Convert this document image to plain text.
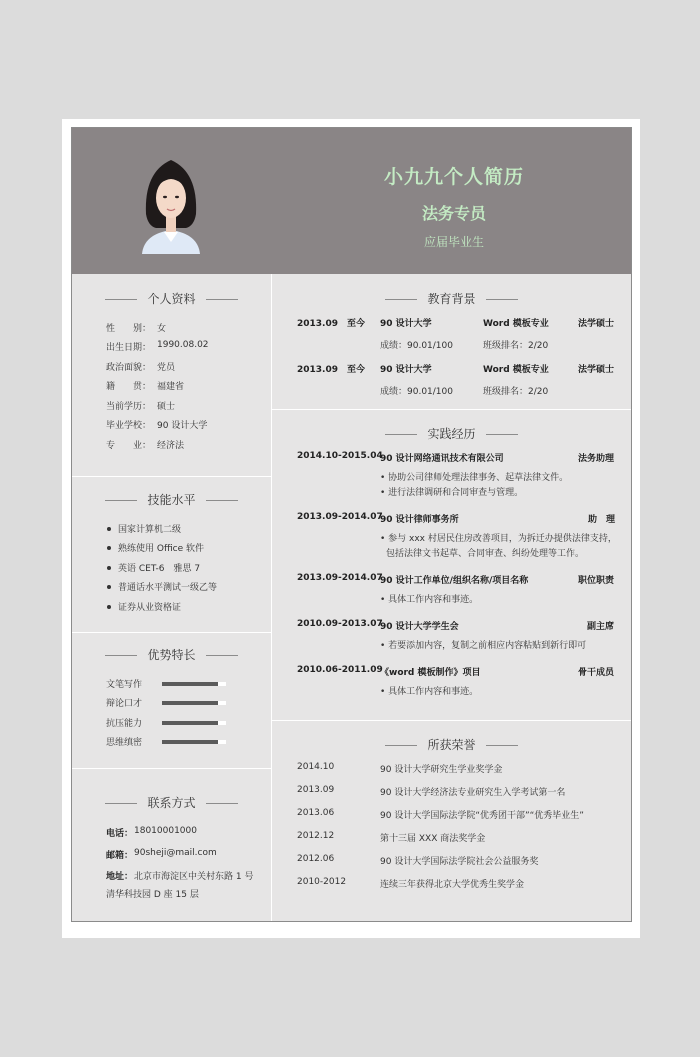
小九九个人简历
法务专员
应届毕业生
个人资料
性　　别： 女
出生日期： 1990.08.02
政治面貌： 党员
籍　　贯： 福建省
当前学历： 硕士
毕业学校： 90 设计大学
专　　业： 经济法
技能水平
国家计算机二级
熟练使用 Office 软件
英语 CET-6　雅思 7
普通话水平测试一级乙等
证券从业资格证
优势特长
文笔写作
辩论口才
抗压能力
思维缜密
联系方式
电话： 18010001000
邮箱： 90sheji@mail.com
地址： 北京市海淀区中关村东路 1 号
清华科技园 D 座 15 层
教育背景
2013.09　至今 90 设计大学	Word 模板专业	法学硕士
成绩：90.01/100	班级排名：2/20
2013.09　至今 90 设计大学	Word 模板专业	法学硕士
成绩：90.01/100	班级排名：2/20
实践经历
2014.10-2015.04
90 设计网络通讯技术有限公司	法务助理
• 协助公司律师处理法律事务、起草法律文件。
• 进行法律调研和合同审查与管理。
2013.09-2014.07
90 设计律师事务所	助　理
• 参与 xxx 村居民住房改善项目，为拆迁办提供法律支持，
包括法律文书起草、合同审查、纠纷处理等工作。
2013.09-2014.07
90 设计工作单位/组织名称/项目名称	职位职责
• 具体工作内容和事迹。
2010.09-2013.07
90 设计大学学生会	副主席
• 若要添加内容，复制之前相应内容粘贴到新行即可
2010.06-2011.09
《word 模板制作》项目	骨干成员
• 具体工作内容和事迹。
所获荣誉
2014.10	90 设计大学研究生学业奖学金
2013.09	90 设计大学经济法专业研究生入学考试第一名
2013.06	90 设计大学国际法学院“优秀团干部”“优秀毕业生”
2012.12	第十三届 XXX 商法奖学金
2012.06	90 设计大学国际法学院社会公益服务奖
2010-2012	连续三年获得北京大学优秀生奖学金
